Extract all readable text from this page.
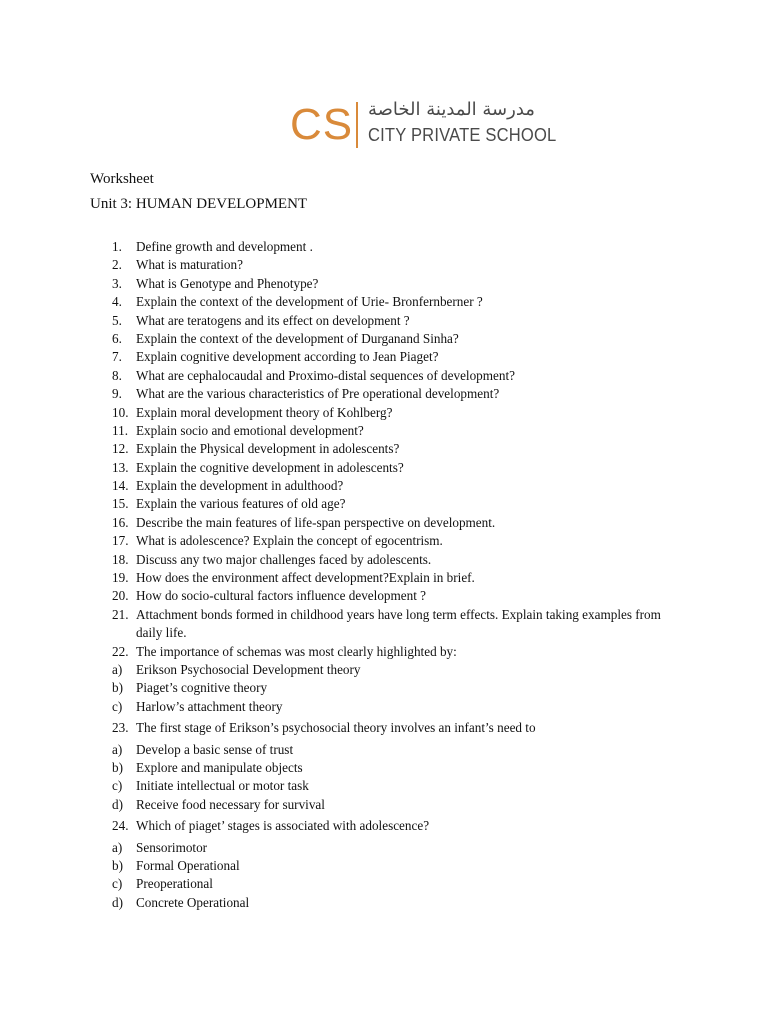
CS مدرسة المدينة الخاصة
CITY PRIVATE SCHOOL
Worksheet
Unit 3: HUMAN DEVELOPMENT
1.	Define growth and development .
2.	What is maturation?
3.	What is Genotype and Phenotype?
4.	Explain the context of the development of Urie- Bronfernberner ?
5.	What are teratogens and its effect on development ?
6.	Explain the context of the development of Durganand Sinha?
7.	Explain cognitive development according to Jean Piaget?
8.	What are cephalocaudal and Proximo-distal sequences of development?
9.	What are the various characteristics of Pre operational development?
10. Explain moral development theory of Kohlberg?
11. Explain socio and emotional development?
12. Explain the Physical development in adolescents?
13. Explain the cognitive development in adolescents?
14. Explain the development in adulthood?
15. Explain the various features of old age?
16. Describe the main features of life-span perspective on development.
17. What is adolescence? Explain the concept of egocentrism.
18. Discuss any two major challenges faced by adolescents.
19. How does the environment affect development?Explain in brief.
20. How do socio-cultural factors influence development ?
21. Attachment bonds formed in childhood years have long term effects. Explain taking examples from daily life.
22. The importance of schemas was most clearly highlighted by:
a)	Erikson Psychosocial Development theory
b) Piaget’s cognitive theory
c)	Harlow’s attachment theory
23. The first stage of Erikson’s psychosocial theory involves an infant’s need to
a)	Develop a basic sense of trust
b) Explore and manipulate objects
c)	Initiate intellectual or motor task
d) Receive food necessary for survival
24. Which of piaget’ stages is associated with adolescence?
a)	Sensorimotor
b) Formal Operational
c)	Preoperational
d) Concrete Operational
